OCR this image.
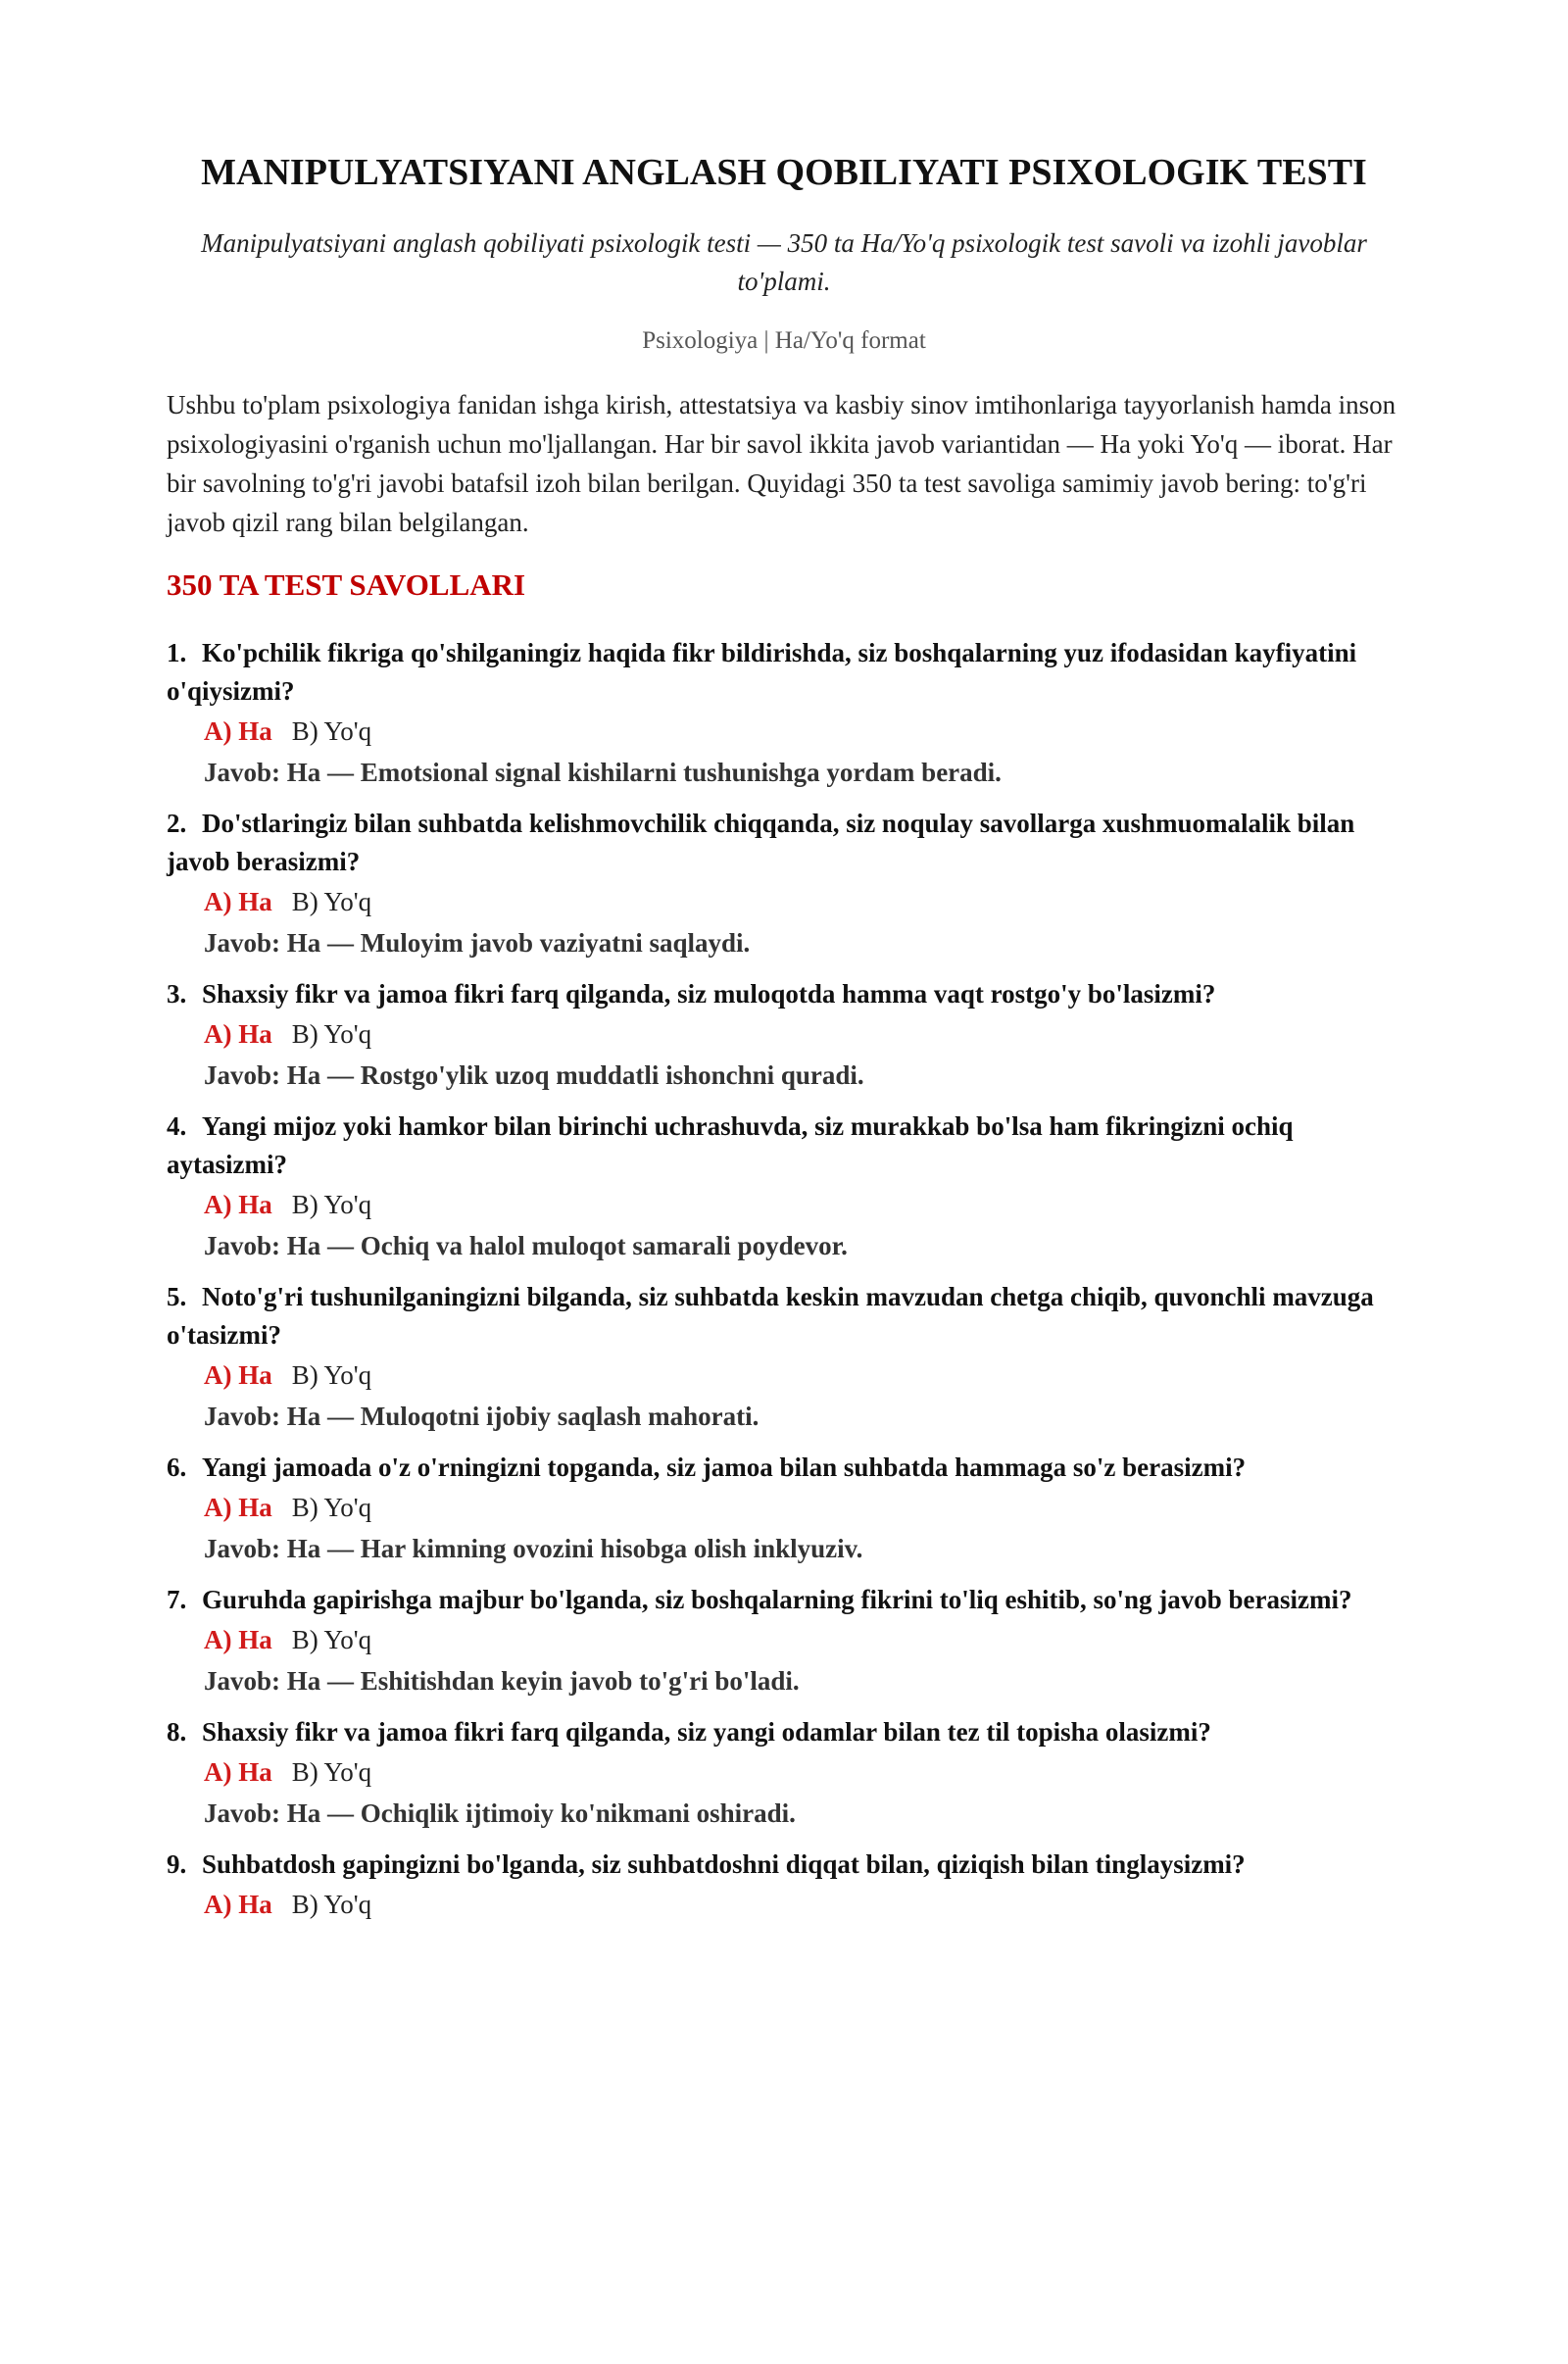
MANIPULYATSIYANI ANGLASH QOBILIYATI PSIXOLOGIK TESTI

Manipulyatsiyani anglash qobiliyati psixologik testi — 350 ta Ha/Yo'q psixologik test savoli va izohli javoblar to'plami.

Psixologiya | Ha/Yo'q format

Ushbu to'plam psixologiya fanidan ishga kirish, attestatsiya va kasbiy sinov imtihonlariga tayyorlanish hamda inson psixologiyasini o'rganish uchun mo'ljallangan. Har bir savol ikkita javob variantidan — Ha yoki Yo'q — iborat. Har bir savolning to'g'ri javobi batafsil izoh bilan berilgan. Quyidagi 350 ta test savoliga samimiy javob bering: to'g'ri javob qizil rang bilan belgilangan.

350 TA TEST SAVOLLARI
1. Ko'pchilik fikriga qo'shilganingiz haqida fikr bildirishda, siz boshqalarning yuz ifodasidan kayfiyatini o'qiysizmi?
A) Ha B) Yo'q
Javob: Ha — Emotsional signal kishilarni tushunishga yordam beradi.
2. Do'stlaringiz bilan suhbatda kelishmovchilik chiqqanda, siz noqulay savollarga xushmuomalalik bilan javob berasizmi?
A) Ha B) Yo'q
Javob: Ha — Muloyim javob vaziyatni saqlaydi.
3. Shaxsiy fikr va jamoa fikri farq qilganda, siz muloqotda hamma vaqt rostgo'y bo'lasizmi?
A) Ha B) Yo'q
Javob: Ha — Rostgo'ylik uzoq muddatli ishonchni quradi.
4. Yangi mijoz yoki hamkor bilan birinchi uchrashuvda, siz murakkab bo'lsa ham fikringizni ochiq aytasizmi?
A) Ha B) Yo'q
Javob: Ha — Ochiq va halol muloqot samarali poydevor.
5. Noto'g'ri tushunilganingizni bilganda, siz suhbatda keskin mavzudan chetga chiqib, quvonchli mavzuga o'tasizmi?
A) Ha B) Yo'q
Javob: Ha — Muloqotni ijobiy saqlash mahorati.
6. Yangi jamoada o'z o'rningizni topganda, siz jamoa bilan suhbatda hammaga so'z berasizmi?
A) Ha B) Yo'q
Javob: Ha — Har kimning ovozini hisobga olish inklyuziv.
7. Guruhda gapirishga majbur bo'lganda, siz boshqalarning fikrini to'liq eshitib, so'ng javob berasizmi?
A) Ha B) Yo'q
Javob: Ha — Eshitishdan keyin javob to'g'ri bo'ladi.
8. Shaxsiy fikr va jamoa fikri farq qilganda, siz yangi odamlar bilan tez til topisha olasizmi?
A) Ha B) Yo'q
Javob: Ha — Ochiqlik ijtimoiy ko'nikmani oshiradi.
9. Suhbatdosh gapingizni bo'lganda, siz suhbatdoshni diqqat bilan, qiziqish bilan tinglaysizmi?
A) Ha B) Yo'q
